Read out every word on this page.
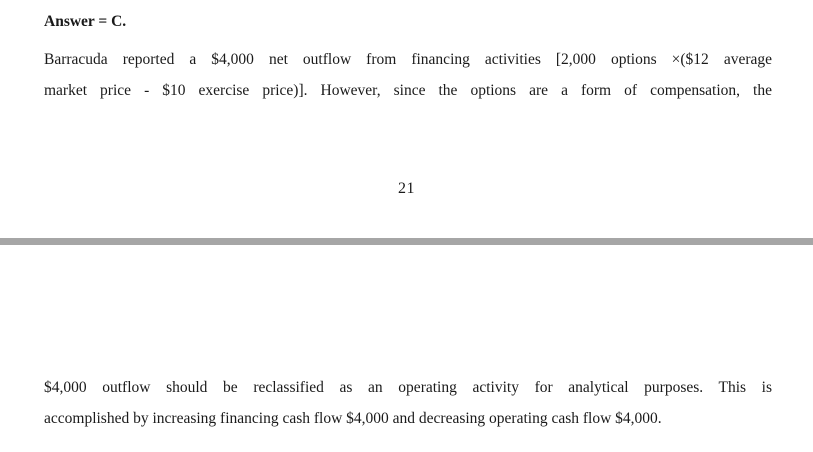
Answer = C.
Barracuda reported a $4,000 net outflow from financing activities [2,000 options ×($12 average
market price - $10 exercise price)]. However, since the options are a form of compensation, the
21
$4,000 outflow should be reclassified as an operating activity for analytical purposes. This is
accomplished by increasing financing cash flow $4,000 and decreasing operating cash flow $4,000.
